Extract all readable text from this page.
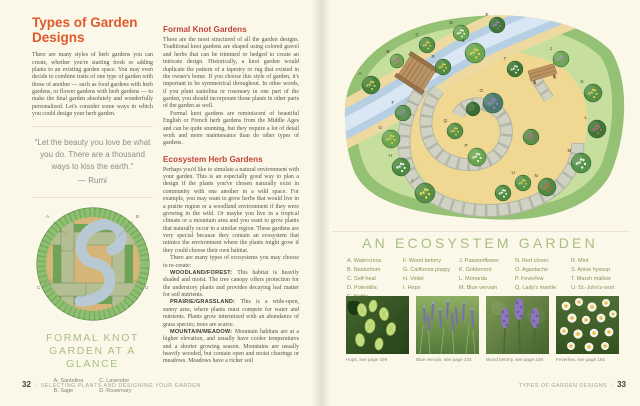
Types of Garden Designs

There are many styles of herb gardens you can create, whether you're starting fresh or adding plants to an existing garden space. You may even decide to combine traits of one type of garden with those of another — such as food gardens with herb gardens, or flower gardens with herb gardens — to make the final garden absolutely and wonderfully personalized. Let's consider some ways in which you could design your herb garden.

"Let the beauty you love be what you do. There are a thousand ways to kiss the earth."
— Rumi
A	B
C	D
FORMAL KNOT
GARDEN AT A GLANCE
A. Santolina
B. Sage
C. Lavender
D. Rosemary
Formal Knot Gardens

These are the most structured of all the garden designs. Traditional knot gardens are shaped using colored gravel and herbs that can be trimmed or hedged to create an intricate design. Historically, a knot garden would duplicate the pattern of a tapestry or rug that existed in the owner's home. If you choose this style of garden, it's important to be symmetrical throughout. In other words, if you plant santolina or rosemary in one part of the garden, you should incorporate those plants in other parts of the garden as well.

Formal knot gardens are reminiscent of beautiful English or French herb gardens from the Middle Ages and can be quite stunning, but they require a lot of detail work and more maintenance than do other types of gardens.

Ecosystem Herb Gardens

Perhaps you'd like to simulate a natural environment with your garden. This is an especially good way to plan a design if the plants you've chosen naturally exist in community with one another in a wild space. For example, you may want to grow herbs that would live in a prairie region or a woodland environment if they were growing in the wild. Or maybe you live in a tropical climate or a mountain area and you want to grow plants that naturally occur in a similar region. These gardens are very special because they contain an ecosystem that mimics the environment where the plants might grow if they could choose their own habitat.

There are many types of ecosystems you may choose to re-create:

WOODLAND/FOREST: This habitat is heavily shaded and moist. The tree canopy offers protection for the understory plants and provides decaying leaf matter for soil nutrients.

PRAIRIE/GRASSLAND: This is a wide-open, sunny area, where plants must compete for water and nutrients. Plants grow intermixed with an abundance of grass species; trees are scarce.

MOUNTAIN/MEADOW: Mountain habitats are at a higher elevation, and usually have cooler temperatures and a shorter growing season. Mountains are usually heavily wooded, but contain open and moist clearings or meadows. Meadows have a richer soil

32 | SELECTING PLANTS AND DESIGNING YOUR GARDEN
A
B
C
D
E
F
G
H
I
J
K
L
M
N
O
P
Q
R
S
T
U
AN ECOSYSTEM GARDEN
A. Watercress
B. Nasturtium
C. Self-heal
D. Potentilla
F. Wood betony
G. California poppy
H. Violet
I. Hops
J. Passionflower
K. Goldenrod
L. Monarda
M. Blue vervain
N. Red clover
O. Agastache
P. Feverfew
Q. Lady's mantle
R. Mint
S. Anise hyssop
T. Marsh mallow
U. St.-John's-wort
Hops, see page 199	Blue vervain, see page 234	Wood betony, see page 238	Feverfew, see page 192
TYPES OF GARDEN DESIGNS | 33
